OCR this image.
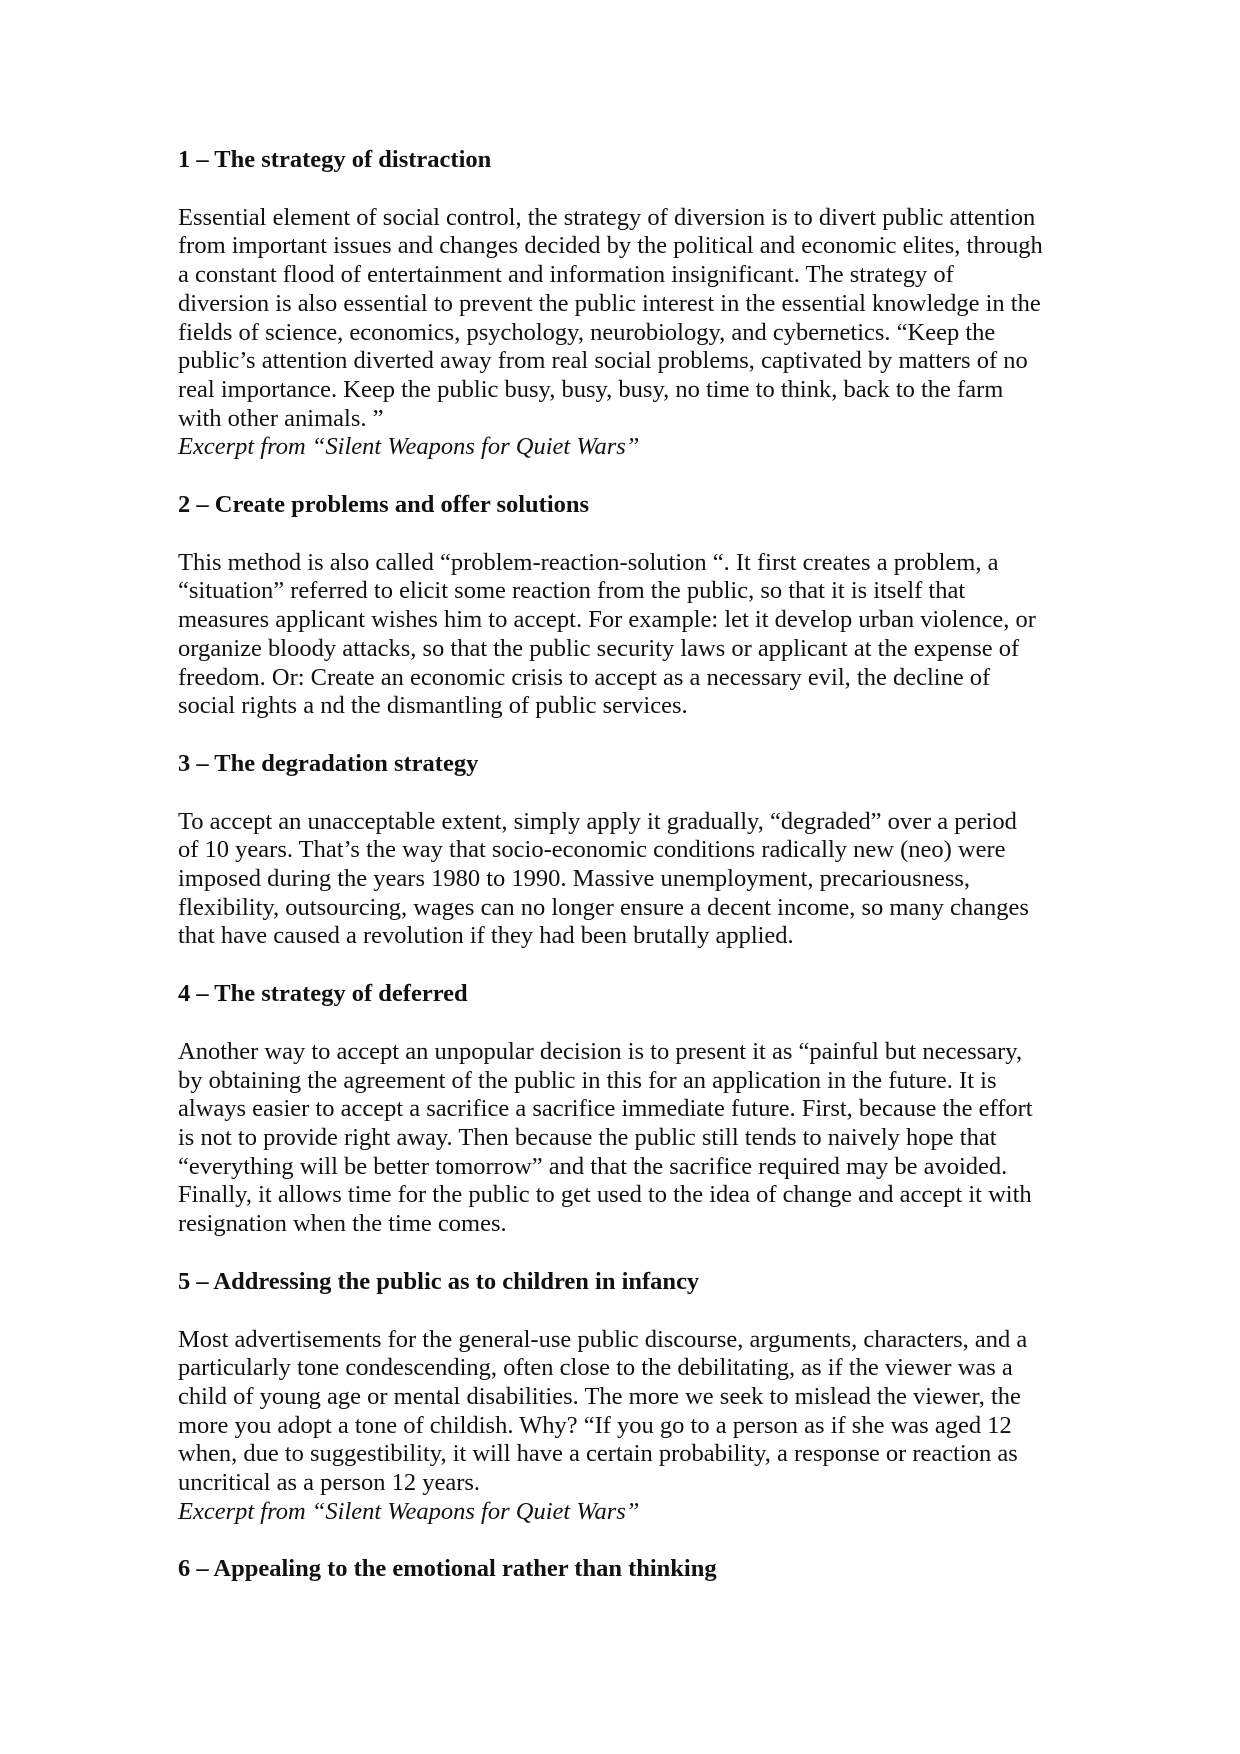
1 – The strategy of distraction

Essential element of social control, the strategy of diversion is to divert public attention
from important issues and changes decided by the political and economic elites, through
a constant flood of entertainment and information insignificant. The strategy of
diversion is also essential to prevent the public interest in the essential knowledge in the
fields of science, economics, psychology, neurobiology, and cybernetics. “Keep the
public’s attention diverted away from real social problems, captivated by matters of no
real importance. Keep the public busy, busy, busy, no time to think, back to the farm
with other animals. ”
Excerpt from “Silent Weapons for Quiet Wars”

2 – Create problems and offer solutions

This method is also called “problem-reaction-solution “. It first creates a problem, a
“situation” referred to elicit some reaction from the public, so that it is itself that
measures applicant wishes him to accept. For example: let it develop urban violence, or
organize bloody attacks, so that the public security laws or applicant at the expense of
freedom. Or: Create an economic crisis to accept as a necessary evil, the decline of
social rights a nd the dismantling of public services.

3 – The degradation strategy

To accept an unacceptable extent, simply apply it gradually, “degraded” over a period
of 10 years. That’s the way that socio-economic conditions radically new (neo) were
imposed during the years 1980 to 1990. Massive unemployment, precariousness,
flexibility, outsourcing, wages can no longer ensure a decent income, so many changes
that have caused a revolution if they had been brutally applied.

4 – The strategy of deferred

Another way to accept an unpopular decision is to present it as “painful but necessary,
by obtaining the agreement of the public in this for an application in the future. It is
always easier to accept a sacrifice a sacrifice immediate future. First, because the effort
is not to provide right away. Then because the public still tends to naively hope that
“everything will be better tomorrow” and that the sacrifice required may be avoided.
Finally, it allows time for the public to get used to the idea of change and accept it with
resignation when the time comes.

5 – Addressing the public as to children in infancy

Most advertisements for the general-use public discourse, arguments, characters, and a
particularly tone condescending, often close to the debilitating, as if the viewer was a
child of young age or mental disabilities. The more we seek to mislead the viewer, the
more you adopt a tone of childish. Why? “If you go to a person as if she was aged 12
when, due to suggestibility, it will have a certain probability, a response or reaction as
uncritical as a person 12 years.
Excerpt from “Silent Weapons for Quiet Wars”

6 – Appealing to the emotional rather than thinking
